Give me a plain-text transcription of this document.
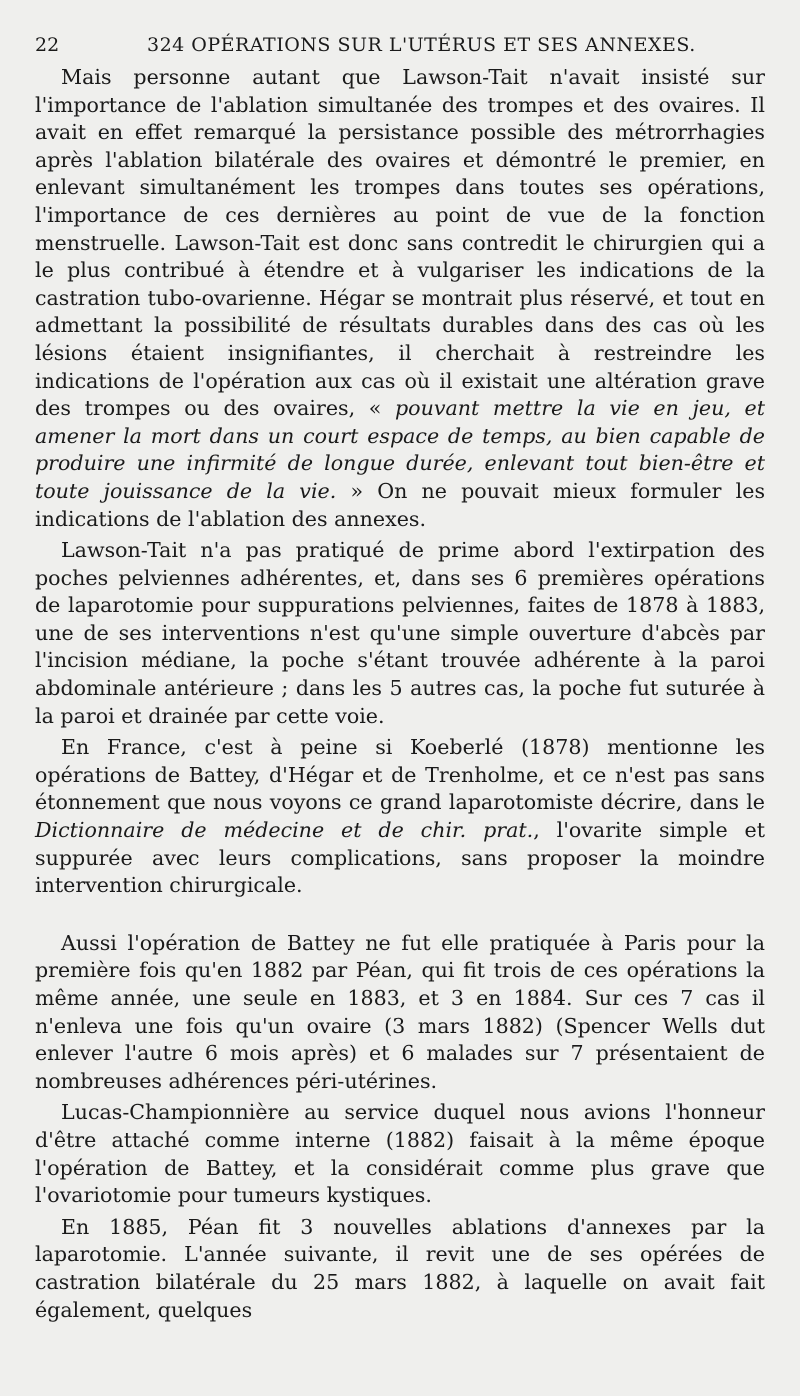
22	324 OPÉRATIONS SUR L'UTÉRUS ET SES ANNEXES.

Mais personne autant que Lawson-Tait n'avait insisté sur l'importance de l'ablation simultanée des trompes et des ovaires. Il avait en effet remarqué la persistance possible des métrorrhagies après l'ablation bilatérale des ovaires et démontré le premier, en enlevant simultanément les trompes dans toutes ses opérations, l'importance de ces dernières au point de vue de la fonction menstruelle. Lawson-Tait est donc sans contredit le chirurgien qui a le plus contribué à étendre et à vulgariser les indications de la castration tubo-ovarienne. Hégar se montrait plus réservé, et tout en admettant la possibilité de résultats durables dans des cas où les lésions étaient insignifiantes, il cherchait à restreindre les indications de l'opération aux cas où il existait une altération grave des trompes ou des ovaires, « pouvant mettre la vie en jeu, et amener la mort dans un court espace de temps, au bien capable de produire une infirmité de longue durée, enlevant tout bien-être et toute jouissance de la vie. » On ne pouvait mieux formuler les indications de l'ablation des annexes.

Lawson-Tait n'a pas pratiqué de prime abord l'extirpation des poches pelviennes adhérentes, et, dans ses 6 premières opérations de laparotomie pour suppurations pelviennes, faites de 1878 à 1883, une de ses interventions n'est qu'une simple ouverture d'abcès par l'incision médiane, la poche s'étant trouvée adhérente à la paroi abdominale antérieure ; dans les 5 autres cas, la poche fut suturée à la paroi et drainée par cette voie.

En France, c'est à peine si Koeberlé (1878) mentionne les opérations de Battey, d'Hégar et de Trenholme, et ce n'est pas sans étonnement que nous voyons ce grand laparotomiste décrire, dans le Dictionnaire de médecine et de chir. prat., l'ovarite simple et suppurée avec leurs complications, sans proposer la moindre intervention chirurgicale.

Aussi l'opération de Battey ne fut elle pratiquée à Paris pour la première fois qu'en 1882 par Péan, qui fit trois de ces opérations la même année, une seule en 1883, et 3 en 1884. Sur ces 7 cas il n'enleva une fois qu'un ovaire (3 mars 1882) (Spencer Wells dut enlever l'autre 6 mois après) et 6 malades sur 7 présentaient de nombreuses adhérences péri-utérines.

Lucas-Championnière au service duquel nous avions l'honneur d'être attaché comme interne (1882) faisait à la même époque l'opération de Battey, et la considérait comme plus grave que l'ovariotomie pour tumeurs kystiques.

En 1885, Péan fit 3 nouvelles ablations d'annexes par la laparotomie. L'année suivante, il revit une de ses opérées de castration bilatérale du 25 mars 1882, à laquelle on avait fait également, quelques
